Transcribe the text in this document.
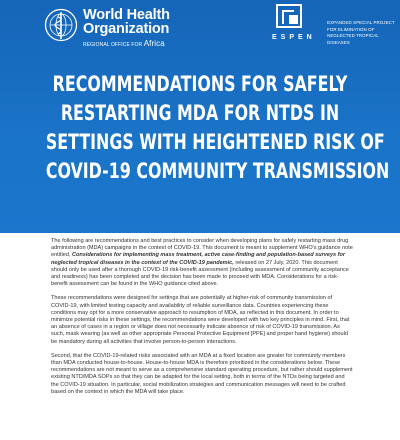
World Health
Organization
REGIONAL OFFICE FOR Africa
ESPEN
EXPANDED SPECIAL PROJECT
FOR ELIMINATION OF
NEGLECTED TROPICAL DISEASES
RECOMMENDATIONS FOR SAFELY
RESTARTING MDA FOR NTDS IN
SETTINGS WITH HEIGHTENED RISK OF
COVID-19 COMMUNITY TRANSMISSION

The following are recommendations and best practices to consider when developing plans for safely restarting mass drug administration (MDA) campaigns in the context of COVID-19. This document is meant to supplement WHO's guidance note entitled, Considerations for implementing mass treatment, active case-finding and population-based surveys for neglected tropical diseases in the context of the COVID-19 pandemic, released on 27 July, 2020. This document should only be used after a thorough COVID-19 risk-benefit assessment (including assessment of community acceptance and readiness) has been completed and the decision has been made to proceed with MDA. Considerations for a risk-benefit assessment can be found in the WHO guidance cited above.

These recommendations were designed for settings that are potentially at higher-risk of community transmission of COVID-19, with limited testing capacity and availability of reliable surveillance data. Countries experiencing these conditions may opt for a more conservative approach to resumption of MDA, as reflected in this document. In order to minimize potential risks in these settings, the recommendations were developed with two key principles in mind. First, that an absence of cases in a region or village does not necessarily indicate absence of risk of COVID-19 transmission. As such, mask wearing (as well as other appropriate Personal Protective Equipment [PPE] and proper hand hygiene) should be mandatory during all activities that involve person-to-person interactions.

Second, that the COVID-19-related risks associated with an MDA at a fixed location are greater for community members than MDA conducted house-to-house. House-to-house MDA is therefore prioritized in the considerations below. These recommendations are not meant to serve as a comprehensive standard operating procedure, but rather should supplement existing NTD/MDA SOPs so that they can be adapted for the local setting, both in terms of the NTDs being targeted and the COVID-19 situation. In particular, social mobilization strategies and communication messages will need to be crafted based on the context in which the MDA will take place.
